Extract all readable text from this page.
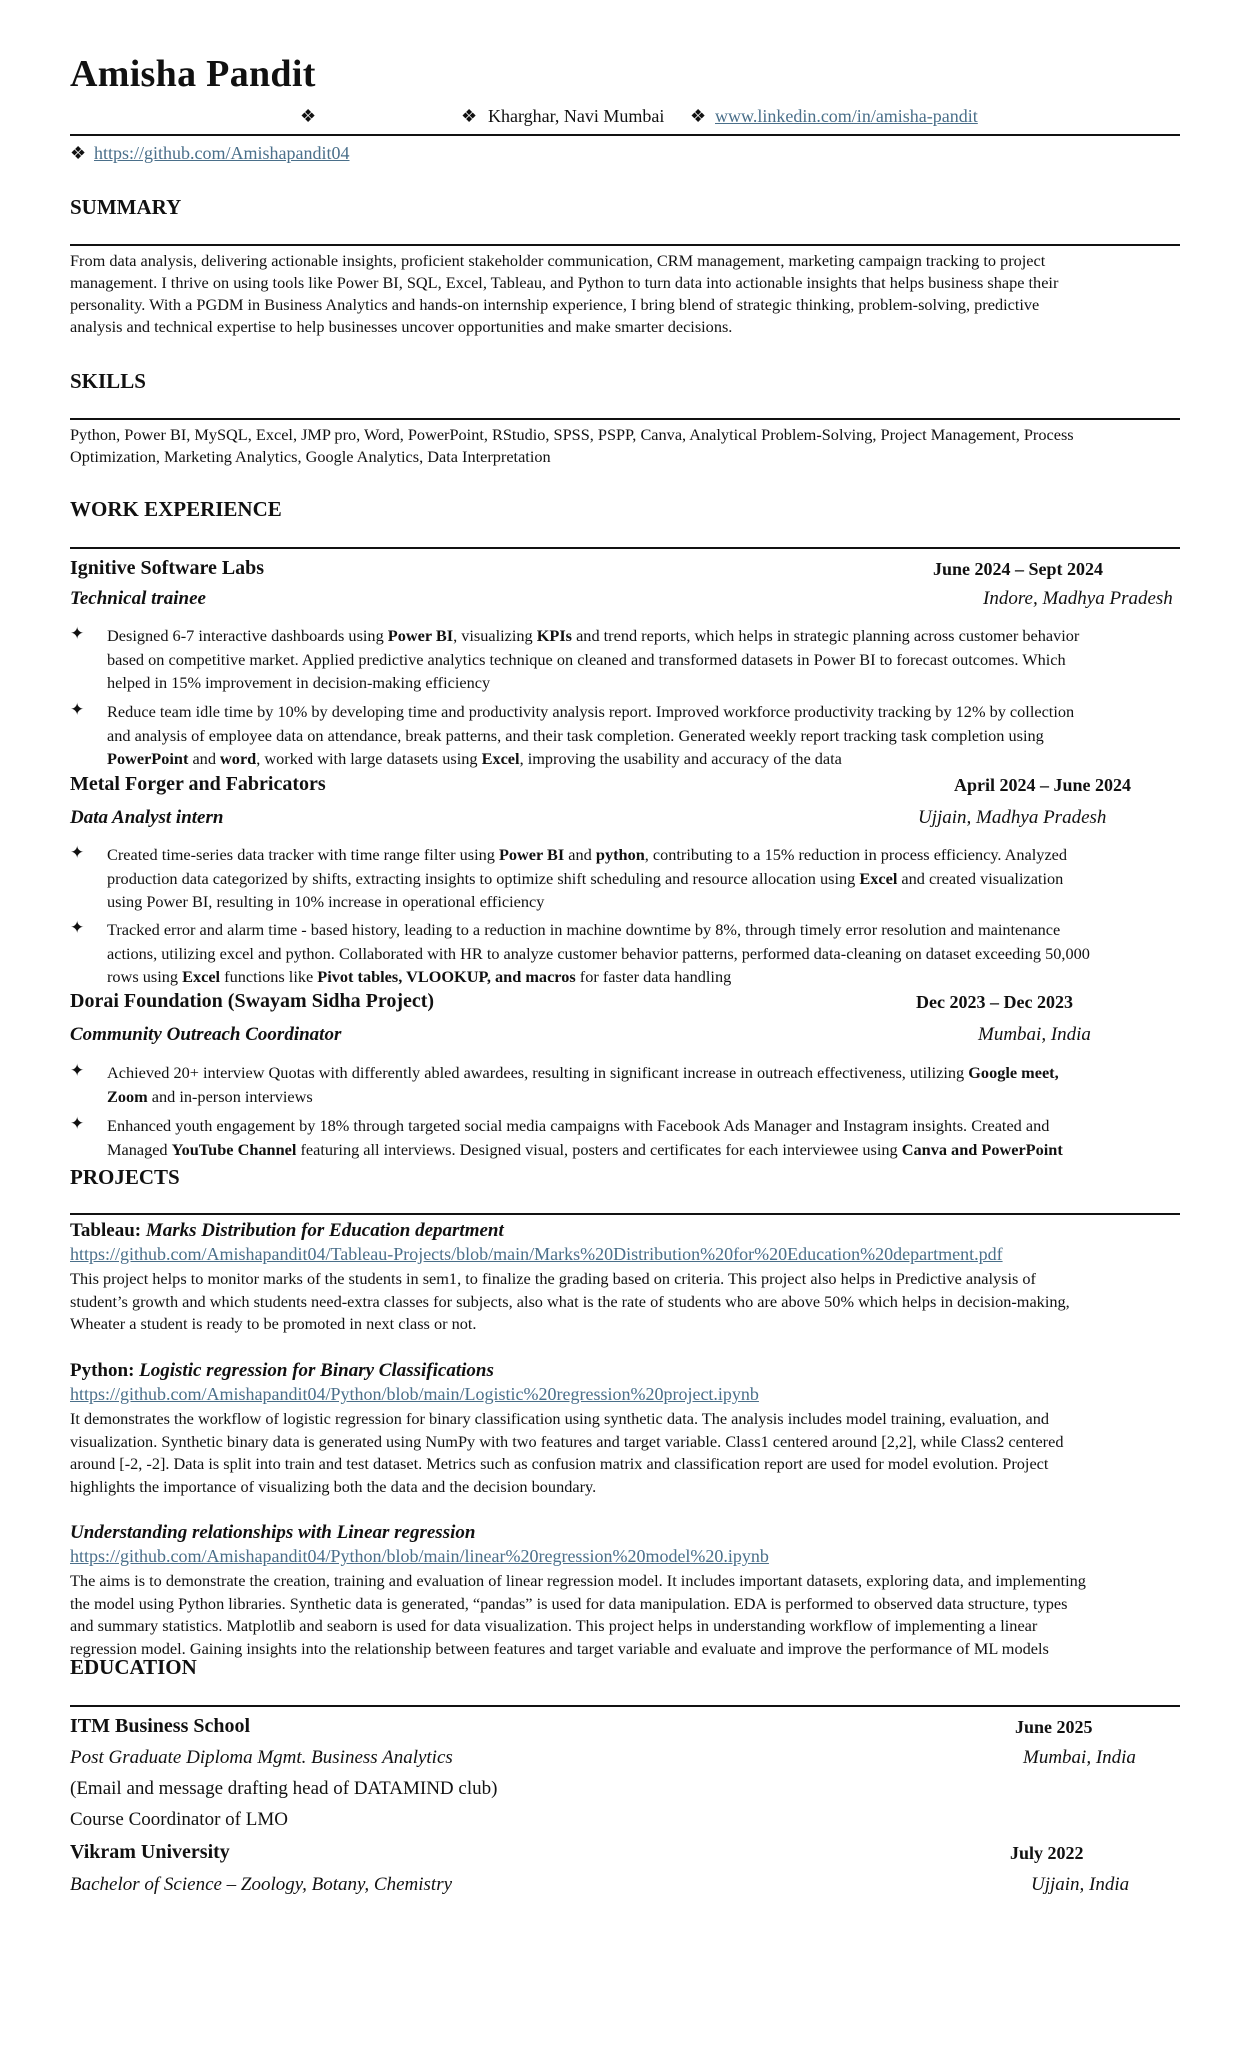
Amisha Pandit
❖	❖ Kharghar, Navi Mumbai ❖ www.linkedin.com/in/amisha-pandit
❖ https://github.com/Amishapandit04
SUMMARY
From data analysis, delivering actionable insights, proficient stakeholder communication, CRM management, marketing campaign tracking to project
management. I thrive on using tools like Power BI, SQL, Excel, Tableau, and Python to turn data into actionable insights that helps business shape their
personality. With a PGDM in Business Analytics and hands-on internship experience, I bring blend of strategic thinking, problem-solving, predictive
analysis and technical expertise to help businesses uncover opportunities and make smarter decisions.
SKILLS
Python, Power BI, MySQL, Excel, JMP pro, Word, PowerPoint, RStudio, SPSS, PSPP, Canva, Analytical Problem-Solving, Project Management, Process
Optimization, Marketing Analytics, Google Analytics, Data Interpretation
WORK EXPERIENCE
Ignitive Software Labs	June 2024 – Sept 2024
Technical trainee	Indore, Madhya Pradesh
✦ Designed 6-7 interactive dashboards using Power BI, visualizing KPIs and trend reports, which helps in strategic planning across customer behavior
based on competitive market. Applied predictive analytics technique on cleaned and transformed datasets in Power BI to forecast outcomes. Which
helped in 15% improvement in decision-making efficiency
✦ Reduce team idle time by 10% by developing time and productivity analysis report. Improved workforce productivity tracking by 12% by collection
and analysis of employee data on attendance, break patterns, and their task completion. Generated weekly report tracking task completion using
PowerPoint and word, worked with large datasets using Excel, improving the usability and accuracy of the data
Metal Forger and Fabricators	April 2024 – June 2024
Data Analyst intern	Ujjain, Madhya Pradesh
✦ Created time-series data tracker with time range filter using Power BI and python, contributing to a 15% reduction in process efficiency. Analyzed
production data categorized by shifts, extracting insights to optimize shift scheduling and resource allocation using Excel and created visualization
using Power BI, resulting in 10% increase in operational efficiency
✦ Tracked error and alarm time - based history, leading to a reduction in machine downtime by 8%, through timely error resolution and maintenance
actions, utilizing excel and python. Collaborated with HR to analyze customer behavior patterns, performed data-cleaning on dataset exceeding 50,000
rows using Excel functions like Pivot tables, VLOOKUP, and macros for faster data handling
Dorai Foundation (Swayam Sidha Project)	Dec 2023 – Dec 2023
Community Outreach Coordinator	Mumbai, India
✦ Achieved 20+ interview Quotas with differently abled awardees, resulting in significant increase in outreach effectiveness, utilizing Google meet,
Zoom and in-person interviews
✦ Enhanced youth engagement by 18% through targeted social media campaigns with Facebook Ads Manager and Instagram insights. Created and
Managed YouTube Channel featuring all interviews. Designed visual, posters and certificates for each interviewee using Canva and PowerPoint
PROJECTS
Tableau: Marks Distribution for Education department
https://github.com/Amishapandit04/Tableau-Projects/blob/main/Marks%20Distribution%20for%20Education%20department.pdf
This project helps to monitor marks of the students in sem1, to finalize the grading based on criteria. This project also helps in Predictive analysis of
student’s growth and which students need-extra classes for subjects, also what is the rate of students who are above 50% which helps in decision-making,
Wheater a student is ready to be promoted in next class or not.
Python: Logistic regression for Binary Classifications
https://github.com/Amishapandit04/Python/blob/main/Logistic%20regression%20project.ipynb
It demonstrates the workflow of logistic regression for binary classification using synthetic data. The analysis includes model training, evaluation, and
visualization. Synthetic binary data is generated using NumPy with two features and target variable. Class1 centered around [2,2], while Class2 centered
around [-2, -2]. Data is split into train and test dataset. Metrics such as confusion matrix and classification report are used for model evolution. Project
highlights the importance of visualizing both the data and the decision boundary.
Understanding relationships with Linear regression
https://github.com/Amishapandit04/Python/blob/main/linear%20regression%20model%20.ipynb
The aims is to demonstrate the creation, training and evaluation of linear regression model. It includes important datasets, exploring data, and implementing
the model using Python libraries. Synthetic data is generated, “pandas” is used for data manipulation. EDA is performed to observed data structure, types
and summary statistics. Matplotlib and seaborn is used for data visualization. This project helps in understanding workflow of implementing a linear
regression model. Gaining insights into the relationship between features and target variable and evaluate and improve the performance of ML models
EDUCATION
ITM Business School	June 2025
Post Graduate Diploma Mgmt. Business Analytics	Mumbai, India
(Email and message drafting head of DATAMIND club)
Course Coordinator of LMO
Vikram University	July 2022
Bachelor of Science – Zoology, Botany, Chemistry	Ujjain, India
